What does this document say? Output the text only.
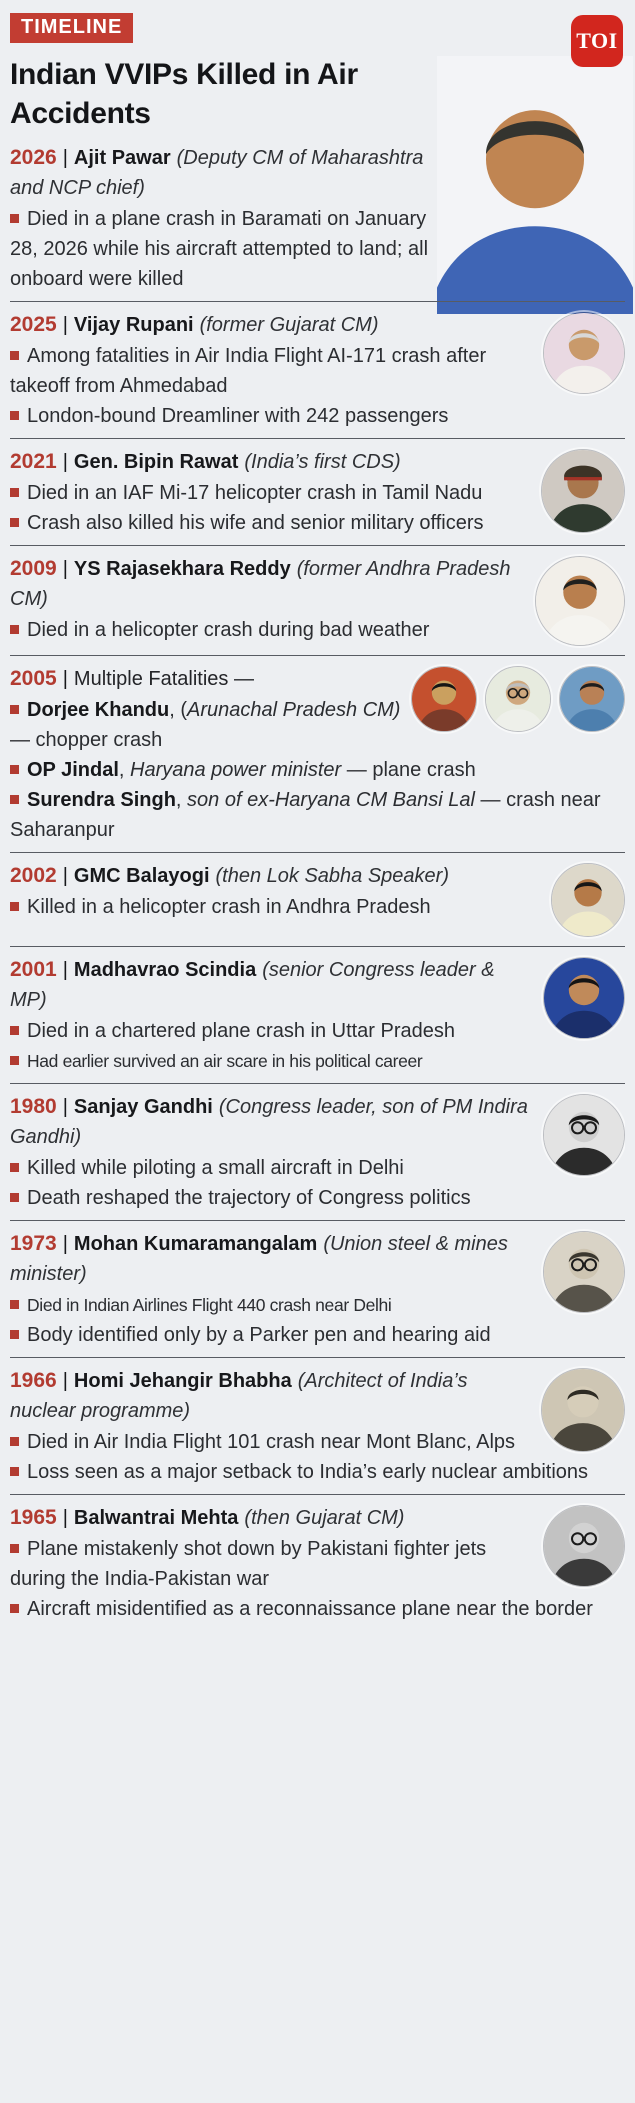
TIMELINE
TOI
Indian VVIPs Killed in Air Accidents
2026 | Ajit Pawar (Deputy CM of Maharashtra and NCP chief)
Died in a plane crash in Baramati on January 28, 2026 while his aircraft attempted to land; all onboard were killed
2025 | Vijay Rupani (former Gujarat CM)
Among fatalities in Air India Flight AI-171 crash after takeoff from Ahmedabad
London-bound Dreamliner with 242 passengers
2021 | Gen. Bipin Rawat (India’s first CDS)
Died in an IAF Mi-17 helicopter crash in Tamil Nadu
Crash also killed his wife and senior military officers
2009 | YS Rajasekhara Reddy (former Andhra Pradesh CM)
Died in a helicopter crash during bad weather
2005 | Multiple Fatalities —
Dorjee Khandu, (Arunachal Pradesh CM) — chopper crash
OP Jindal, Haryana power minister — plane crash
Surendra Singh, son of ex-Haryana CM Bansi Lal — crash near Saharanpur
2002 | GMC Balayogi (then Lok Sabha Speaker)
Killed in a helicopter crash in Andhra Pradesh
2001 | Madhavrao Scindia (senior Congress leader & MP)
Died in a chartered plane crash in Uttar Pradesh
Had earlier survived an air scare in his political career
1980 | Sanjay Gandhi (Congress leader, son of PM Indira Gandhi)
Killed while piloting a small aircraft in Delhi
Death reshaped the trajectory of Congress politics
1973 | Mohan Kumaramangalam (Union steel & mines minister)
Died in Indian Airlines Flight 440 crash near Delhi
Body identified only by a Parker pen and hearing aid
1966 | Homi Jehangir Bhabha (Architect of India’s nuclear programme)
Died in Air India Flight 101 crash near Mont Blanc, Alps
Loss seen as a major setback to India’s early nuclear ambitions
1965 | Balwantrai Mehta (then Gujarat CM)
Plane mistakenly shot down by Pakistani fighter jets during the India-Pakistan war
Aircraft misidentified as a reconnaissance plane near the border
